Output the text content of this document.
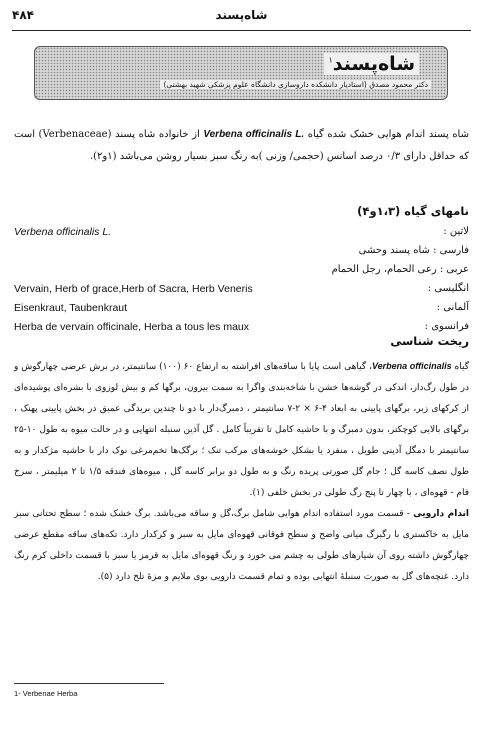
۴۸۴	شاه‌پسند
شاه‌پسند$^۱$
دکتر محمود مصدق (استادیار دانشکده داروسازی دانشگاه علوم پزشکی شهید بهشتی)
شاه پسند اندام هوایی خشک شده گیاه Verbena officinalis L. از خانواده شاه پسند (Verbenaceae) است که حداقل دارای ۰/۳ درصد اسانس (حجمی/ وزنی )به رنگ سبز بسیار روشن می‌باشد (۱و۲).
نامهای گیاه (۱،۳و۴)
لاتین :
Verbena officinalis L.
فارسی : شاه پسند وحشی
عربی : رعی الحمام، رجل الحمام
انگلیسی :
Vervain, Herb of grace,Herb of Sacra, Herb Veneris
آلمانی :
Eisenkraut, Taubenkraut
فرانسوی :
Herba de vervain officinale, Herba a tous les maux
ریخت شناسی
گیاه Verbena officinalis، گیاهی است پایا با ساقه‌های افراشته به ارتفاع ۶۰ (۱۰۰) سانتیمتر، در برش عرضی چهارگوش و در طول رگ‌دار، اندکی در گوشه‌ها خشن با شاخه‌بندی واگرا به سمت بیرون، برگها کم و بیش لوزوی با بشره‌ای پوشیده‌ای از کرکهای زبر، برگهای پایینی به ابعاد ۴-۶ × ۲-۷ سانتیمتر ، دمبرگ‌دار با دو تا چندین بریدگی عمیق در بخش پایینی پهنک ، برگهای بالایی کوچکتر، بدون دمبرگ و با حاشیه کامل تا تقریباً کامل . گل آذین سنبله انتهایی و در حالت میوه به طول ۱۰-۲۵ سانتیمتر با دمگل آذینی طویل ، منفرد یا بشکل خوشه‌های مرکب تنک ؛ برگک‌ها تخم‌مرغی نوک دار با حاشیه مژکدار و به طول نصف کاسه گل ؛ جام گل صورتی پریده رنگ و به طول دو برابر کاسه گل ، میوه‌های فندقه ۱/۵ تا ۲ میلیمتر ، سرخ فام - قهوه‌ای ، با چهار تا پنج رگ طولی در بخش خلفی (۱).
اندام دارویی - قسمت مورد استفاده اندام هوایی شامل برگ،گل و ساقه می‌باشد. برگ خشک شده ؛ سطح تحتانی سبز مایل به خاکستری با رگبرگ میانی واضح و سطح فوقانی قهوه‌ای مایل به سبز و کرکدار دارد. تکه‌های ساقه مقطع عرضی چهارگوش داشته روی آن شیارهای طولی به چشم می خورد و رنگ قهوه‌ای مایل به قرمز یا سبز با قسمت داخلی کرم رنگ دارد. غنچه‌های گل به صورت سنبلهٔ انتهایی بوده و تمام قسمت دارویی بوی ملایم و مزهٔ تلخ دارد (۵).
1- Verbenae Herba
